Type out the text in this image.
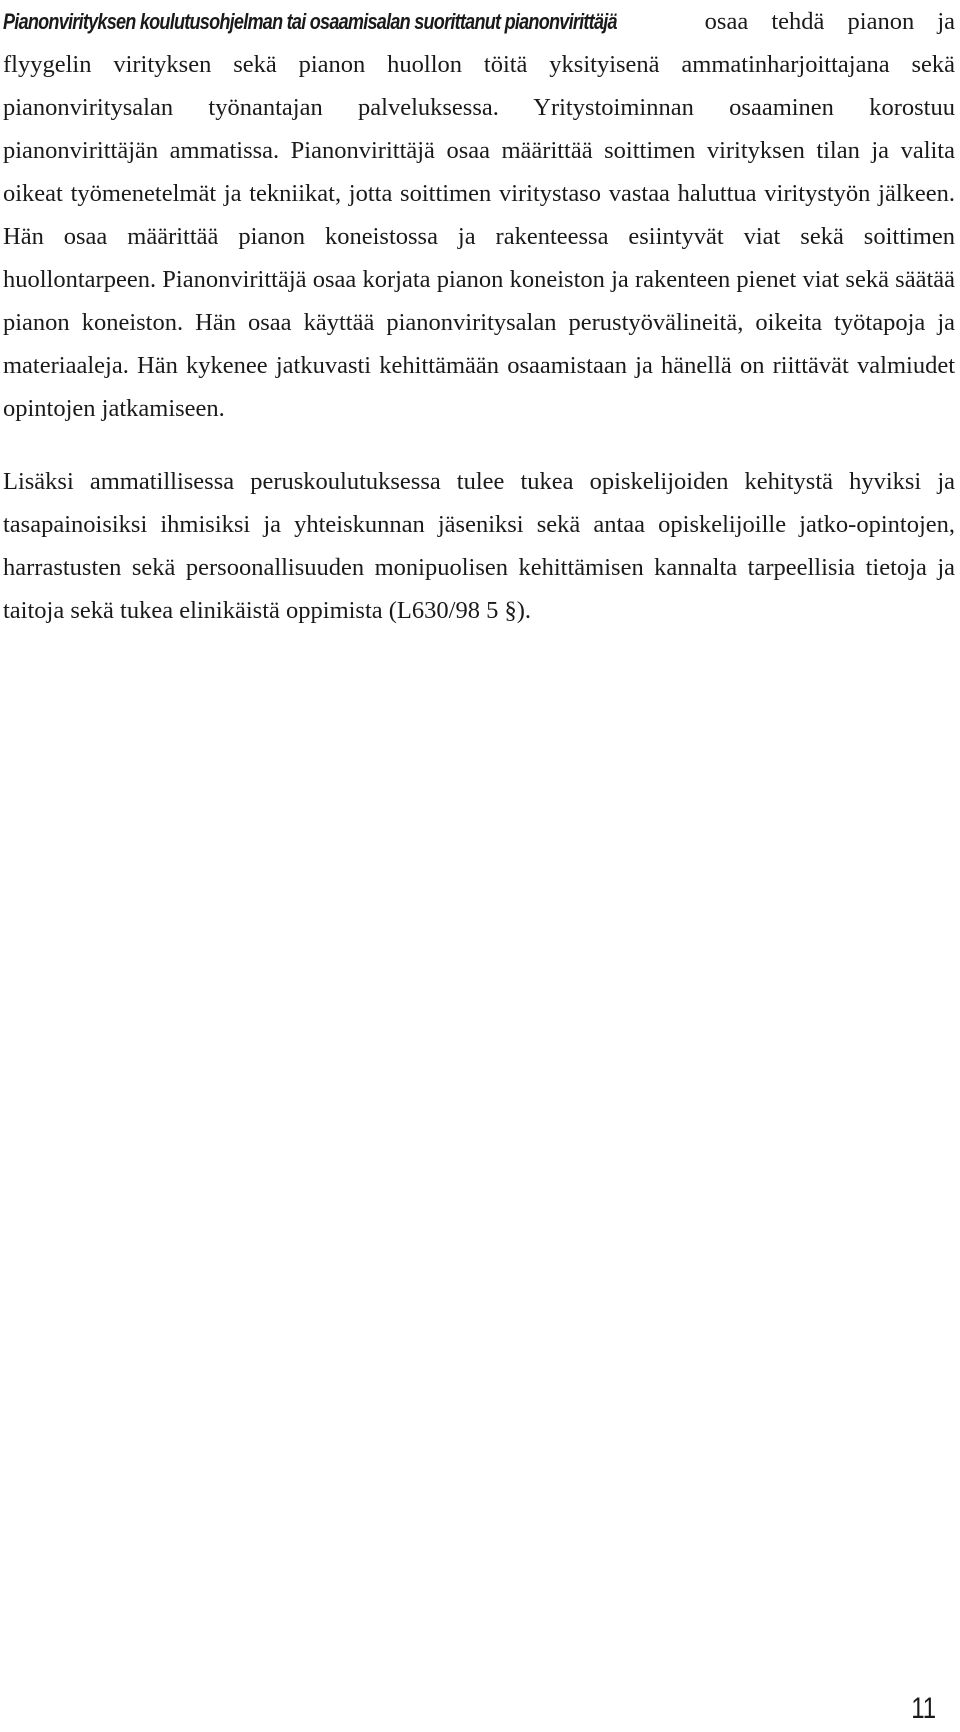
Pianonvirityksen koulutusohjelman tai osaamisalan suorittanut pianonvirittäjä	osaa tehdä pianon ja flyygelin virityksen sekä pianon huollon töitä yksityisenä ammatinharjoittajana sekä pianonviritysalan työnantajan palveluksessa. Yritystoiminnan osaaminen korostuu pianonvirittäjän ammatissa. Pianonvirittäjä osaa määrittää soittimen virityksen tilan ja valita oikeat työmenetelmät ja tekniikat, jotta soittimen viritystaso vastaa haluttua viritystyön jälkeen. Hän osaa määrittää pianon koneistossa ja rakenteessa esiintyvät viat sekä soittimen huollontarpeen. Pianonvirittäjä osaa korjata pianon koneiston ja rakenteen pienet viat sekä säätää pianon koneiston. Hän osaa käyttää pianonviritysalan perustyövälineitä, oikeita työtapoja ja materiaaleja. Hän kykenee jatkuvasti kehittämään osaamistaan ja hänellä on riittävät valmiudet opintojen jatkamiseen.

Lisäksi ammatillisessa peruskoulutuksessa tulee tukea opiskelijoiden kehitystä hyviksi ja tasapainoisiksi ihmisiksi ja yhteiskunnan jäseniksi sekä antaa opiskelijoille jatko-opintojen, harrastusten sekä persoonallisuuden monipuolisen kehittämisen kannalta tarpeellisia tietoja ja taitoja sekä tukea elinikäistä oppimista (L630/98 5 §).

11
